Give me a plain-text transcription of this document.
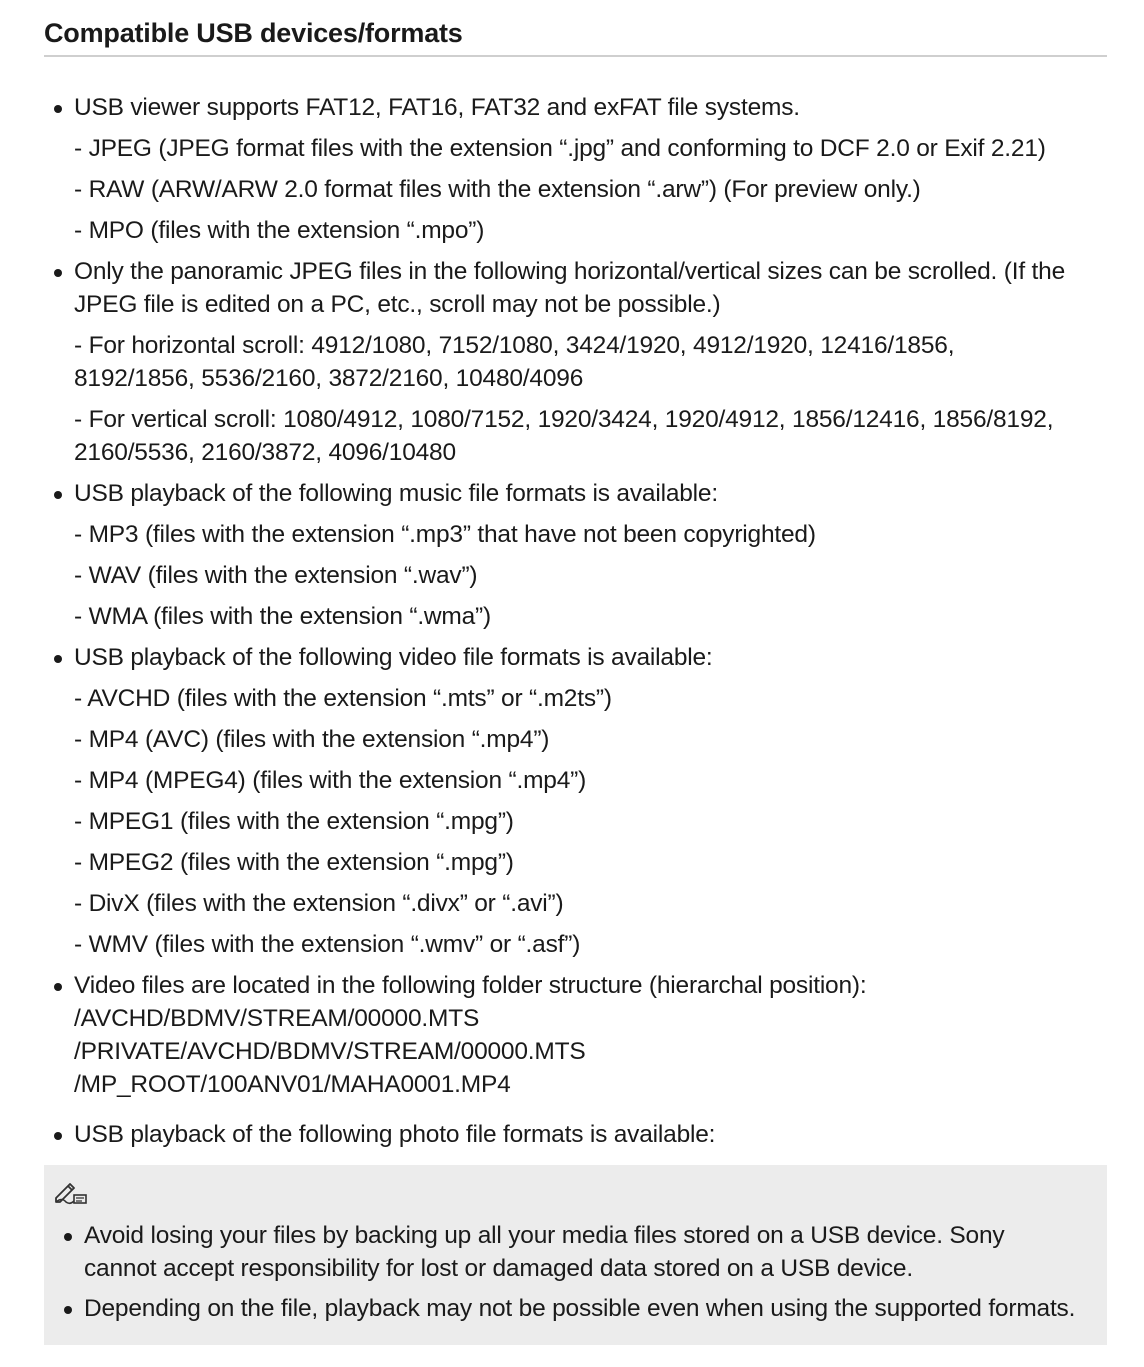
Compatible USB devices/formats

USB viewer supports FAT12, FAT16, FAT32 and exFAT file systems.

- JPEG (JPEG format files with the extension “.jpg” and conforming to DCF 2.0 or Exif 2.21)

- RAW (ARW/ARW 2.0 format files with the extension “.arw”) (For preview only.)

- MPO (files with the extension “.mpo”)

Only the panoramic JPEG files in the following horizontal/vertical sizes can be scrolled. (If the

JPEG file is edited on a PC, etc., scroll may not be possible.)

- For horizontal scroll: 4912/1080, 7152/1080, 3424/1920, 4912/1920, 12416/1856,

8192/1856, 5536/2160, 3872/2160, 10480/4096

- For vertical scroll: 1080/4912, 1080/7152, 1920/3424, 1920/4912, 1856/12416, 1856/8192,

2160/5536, 2160/3872, 4096/10480

USB playback of the following music file formats is available:

- MP3 (files with the extension “.mp3” that have not been copyrighted)

- WAV (files with the extension “.wav”)

- WMA (files with the extension “.wma”)

USB playback of the following video file formats is available:

- AVCHD (files with the extension “.mts” or “.m2ts”)

- MP4 (AVC) (files with the extension “.mp4”)

- MP4 (MPEG4) (files with the extension “.mp4”)

- MPEG1 (files with the extension “.mpg”)

- MPEG2 (files with the extension “.mpg”)

- DivX (files with the extension “.divx” or “.avi”)

- WMV (files with the extension “.wmv” or “.asf”)

Video files are located in the following folder structure (hierarchal position):

/AVCHD/BDMV/STREAM/00000.MTS

/PRIVATE/AVCHD/BDMV/STREAM/00000.MTS

/MP_ROOT/100ANV01/MAHA0001.MP4

USB playback of the following photo file formats is available:

Avoid losing your files by backing up all your media files stored on a USB device. Sony

cannot accept responsibility for lost or damaged data stored on a USB device.

Depending on the file, playback may not be possible even when using the supported formats.
